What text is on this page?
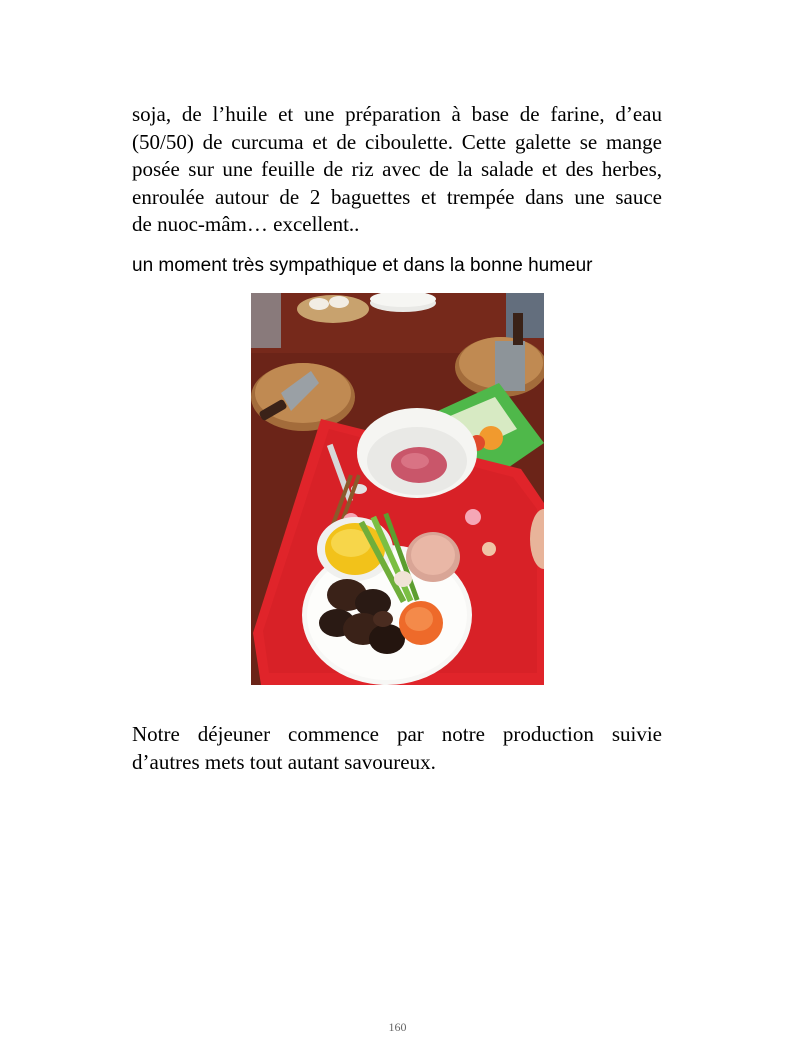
soja, de l’huile et une préparation à base de farine, d’eau
(50/50) de curcuma et de ciboulette. Cette galette se mange
posée sur une feuille de riz avec de la salade et des herbes,
enroulée autour de 2 baguettes et trempée dans une sauce
de nuoc-mâm… excellent..
un moment très sympathique et dans la bonne humeur
Notre déjeuner commence par notre production suivie
d’autres mets tout autant savoureux.
160
